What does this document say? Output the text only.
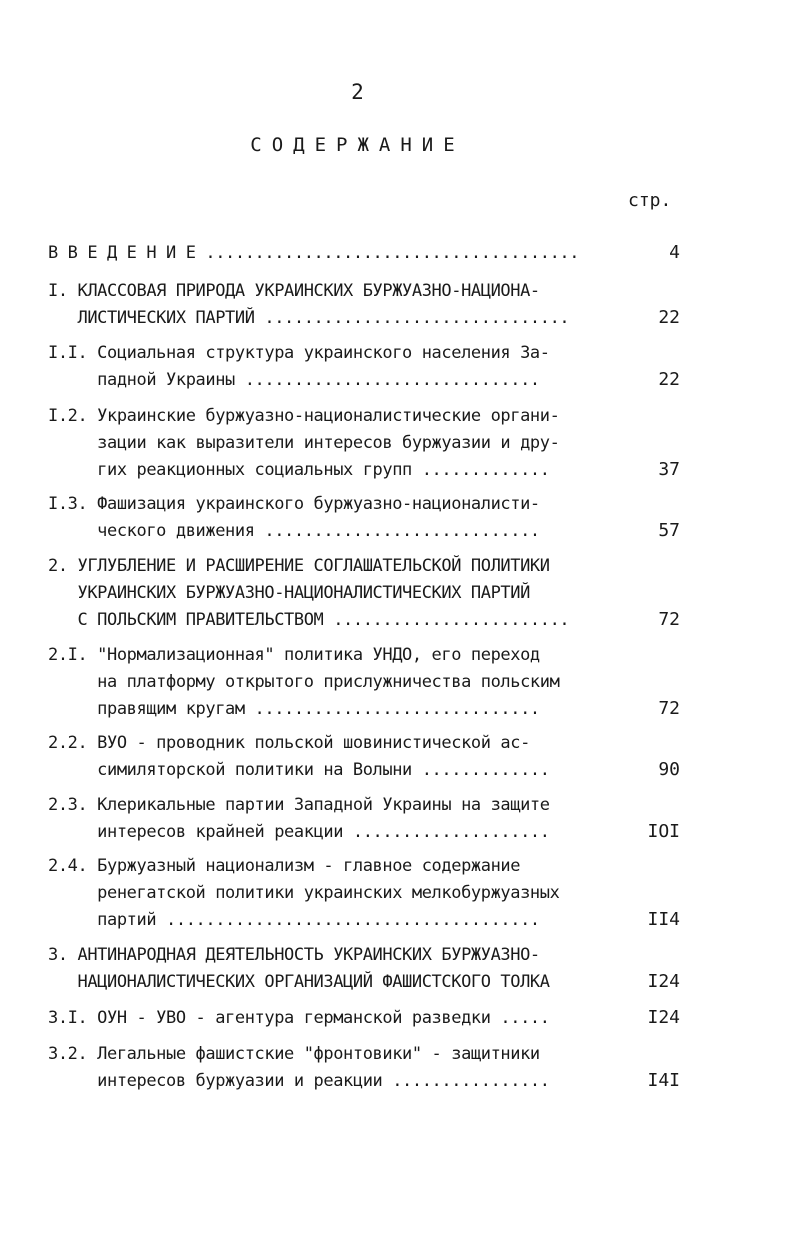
2
СОДЕРЖАНИЕ
стр.
В В Е Д Е Н И Е ......................................	4
I. КЛАССОВАЯ ПРИРОДА УКРАИНСКИХ БУРЖУАЗНО-НАЦИОНА-
ЛИСТИЧЕСКИХ ПАРТИЙ ...............................	22
I.I. Социальная структура украинского населения За-
падной Украины ..............................	22
I.2. Украинские буржуазно-националистические органи-
зации как выразители интересов буржуазии и дру-
гих реакционных социальных групп .............	37
I.3. Фашизация украинского буржуазно-националисти-
ческого движения ............................	57
2. УГЛУБЛЕНИЕ И РАСШИРЕНИЕ СОГЛАШАТЕЛЬСКОЙ ПОЛИТИКИ
УКРАИНСКИХ БУРЖУАЗНО-НАЦИОНАЛИСТИЧЕСКИХ ПАРТИЙ
С ПОЛЬСКИМ ПРАВИТЕЛЬСТВОМ ........................	72
2.I. "Нормализационная" политика УНДО, его переход
на платформу открытого прислужничества польским
правящим кругам .............................	72
2.2. ВУО - проводник польской шовинистической ас-
симиляторской политики на Волыни .............	90
2.3. Клерикальные партии Западной Украины на защите
интересов крайней реакции ....................	IOI
2.4. Буржуазный национализм - главное содержание
ренегатской политики украинских мелкобуржуазных
партий ......................................	II4
3. АНТИНАРОДНАЯ ДЕЯТЕЛЬНОСТЬ УКРАИНСКИХ БУРЖУАЗНО-
НАЦИОНАЛИСТИЧЕСКИХ ОРГАНИЗАЦИЙ ФАШИСТСКОГО ТОЛКА	I24
3.I. ОУН - УВО - агентура германской разведки .....	I24
3.2. Легальные фашистские "фронтовики" - защитники
интересов буржуазии и реакции ................	I4I
